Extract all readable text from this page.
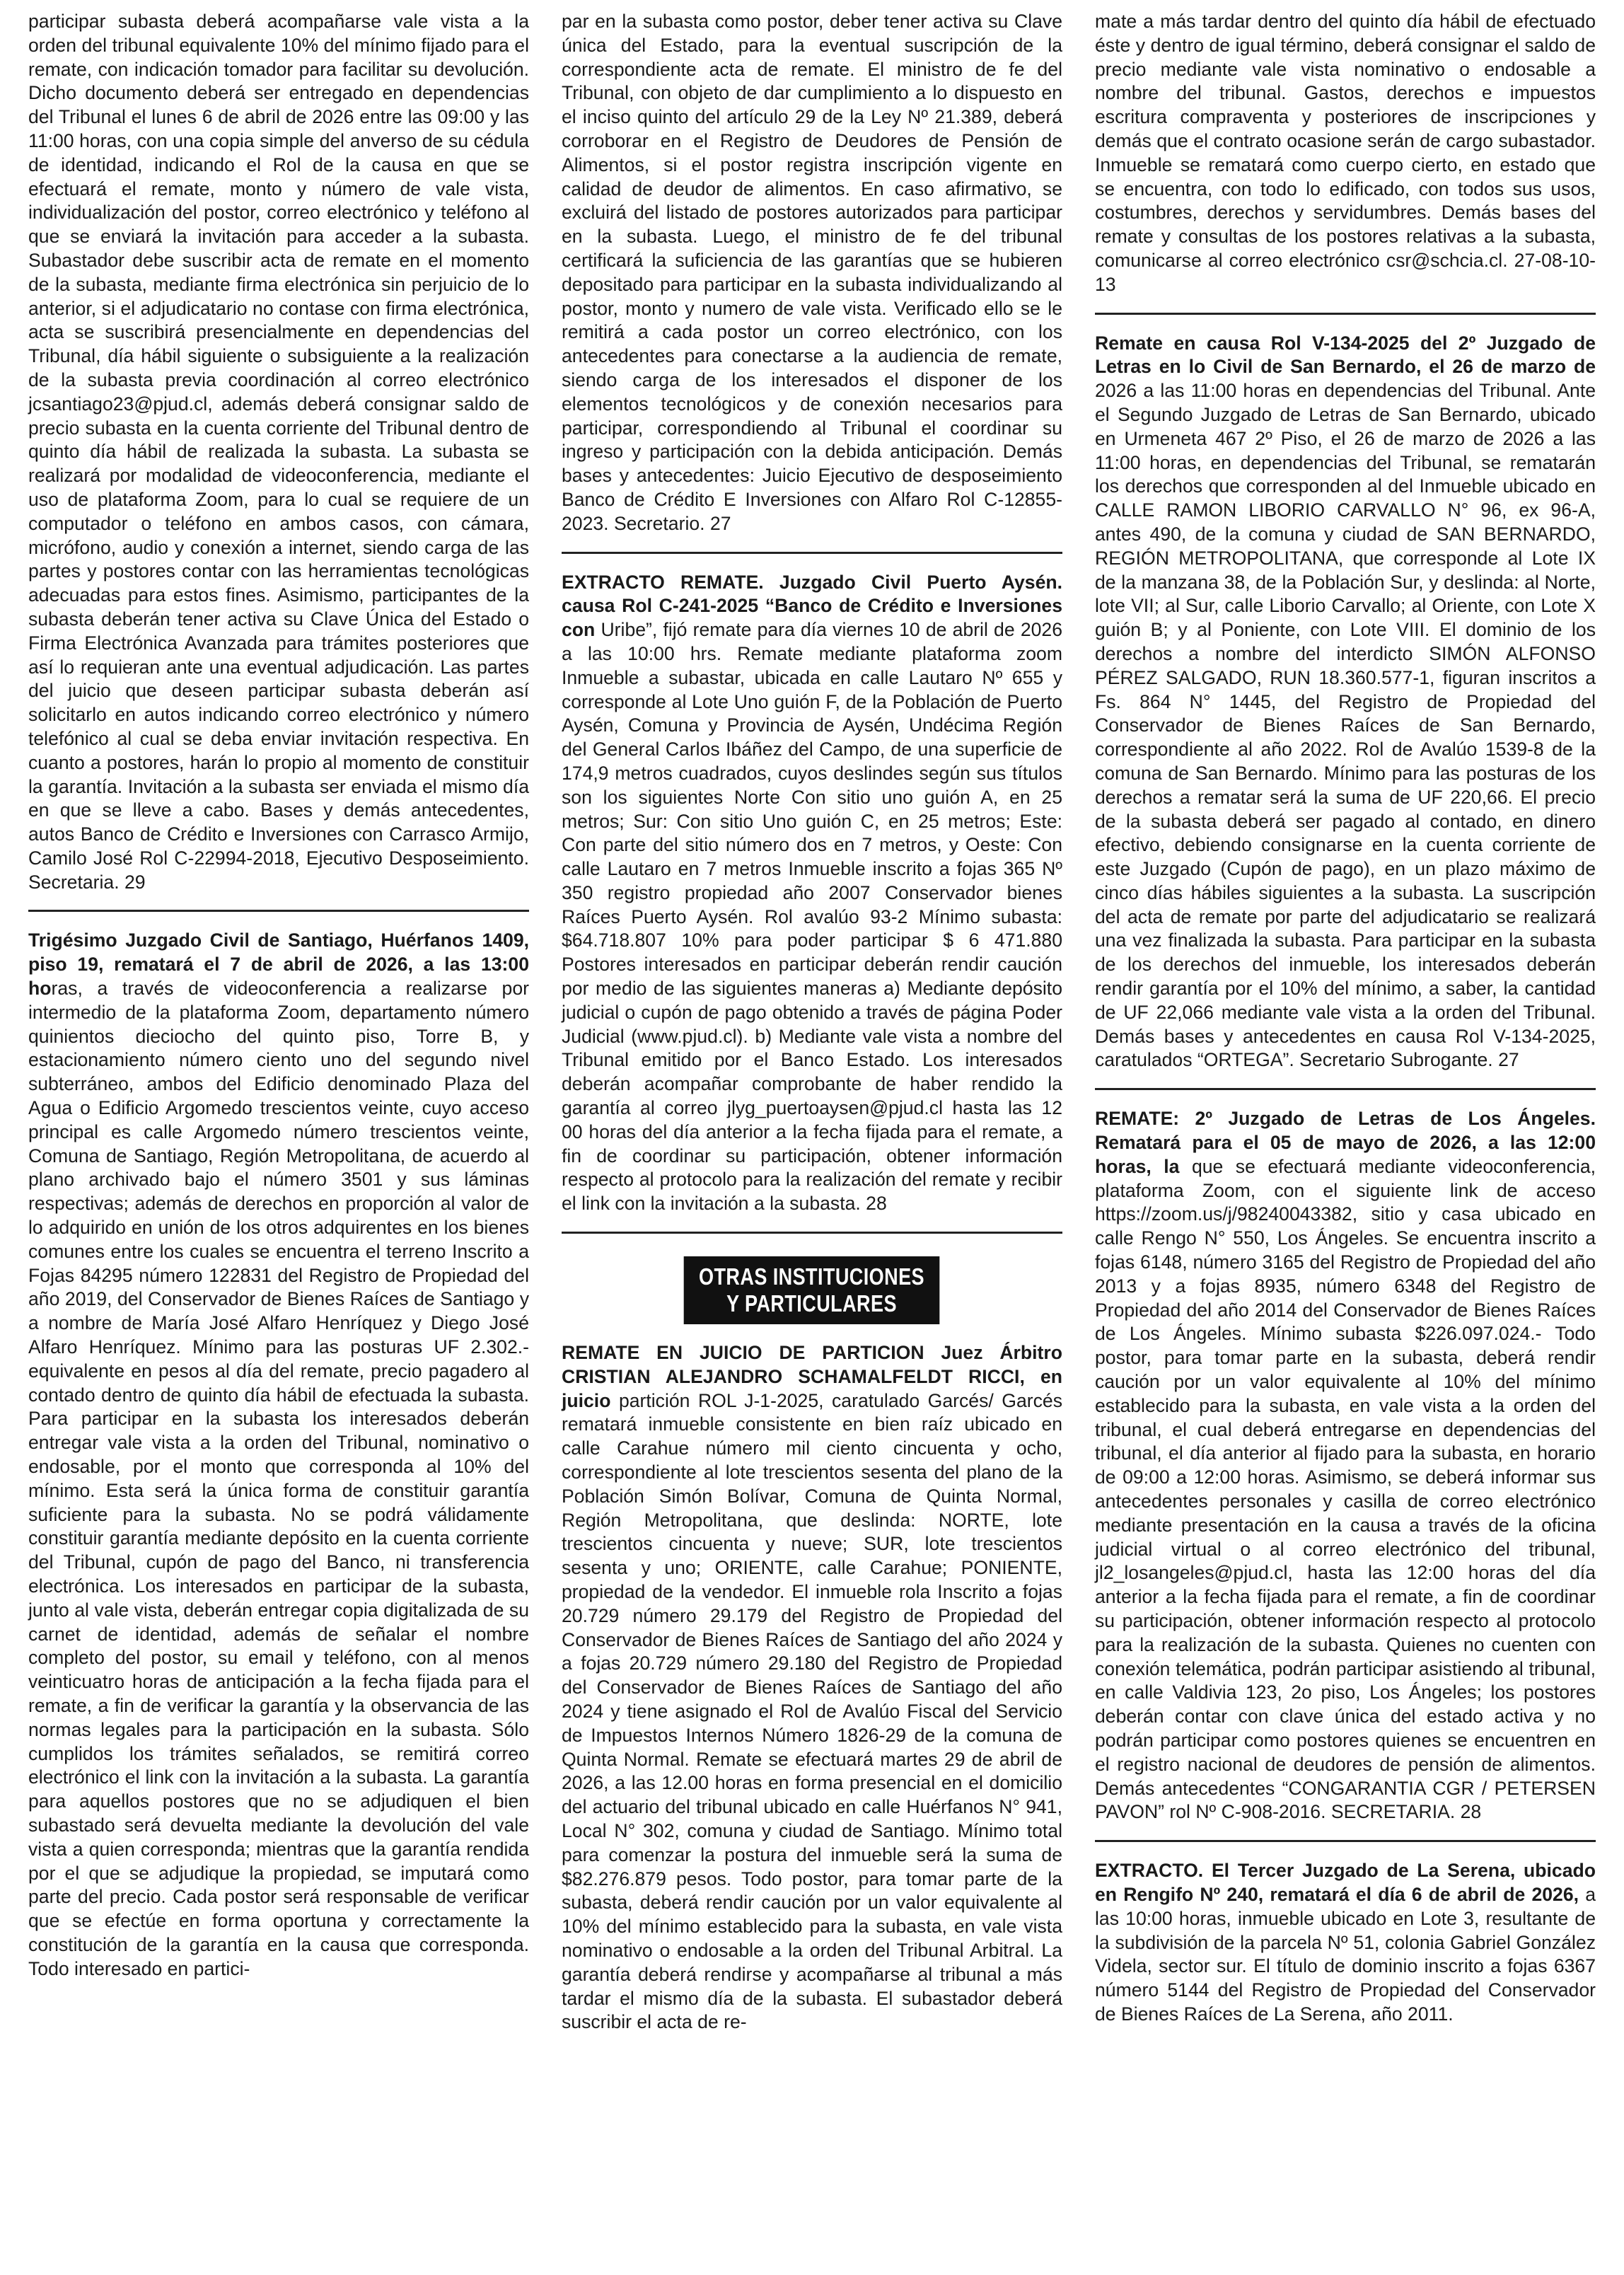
participar subasta deberá acompañarse vale vista a la orden del tribunal equivalente 10% del mínimo fijado para el remate, con indicación tomador para facilitar su devolución. Dicho documento deberá ser entregado en dependencias del Tribunal el lunes 6 de abril de 2026 entre las 09:00 y las 11:00 horas, con una copia simple del anverso de su cédula de identidad, indicando el Rol de la causa en que se efectuará el remate, monto y número de vale vista, individualización del postor, correo electrónico y teléfono al que se enviará la invitación para acceder a la subasta. Subastador debe suscribir acta de remate en el momento de la subasta, mediante firma electrónica sin perjuicio de lo anterior, si el adjudicatario no contase con firma electrónica, acta se suscribirá presencialmente en dependencias del Tribunal, día hábil siguiente o subsiguiente a la realización de la subasta previa coordinación al correo electrónico jcsantiago23@pjud.cl, además deberá consignar saldo de precio subasta en la cuenta corriente del Tribunal dentro de quinto día hábil de realizada la subasta. La subasta se realizará por modalidad de videoconferencia, mediante el uso de plataforma Zoom, para lo cual se requiere de un computador o teléfono en ambos casos, con cámara, micrófono, audio y conexión a internet, siendo carga de las partes y postores contar con las herramientas tecnológicas adecuadas para estos fines. Asimismo, participantes de la subasta deberán tener activa su Clave Única del Estado o Firma Electrónica Avanzada para trámites posteriores que así lo requieran ante una eventual adjudicación. Las partes del juicio que deseen participar subasta deberán así solicitarlo en autos indicando correo electrónico y número telefónico al cual se deba enviar invitación respectiva. En cuanto a postores, harán lo propio al momento de constituir la garantía. Invitación a la subasta ser enviada el mismo día en que se lleve a cabo. Bases y demás antecedentes, autos Banco de Crédito e Inversiones con Carrasco Armijo, Camilo José Rol C-22994-2018, Ejecutivo Desposeimiento. Secretaria. 29

Trigésimo Juzgado Civil de Santiago, Huérfanos 1409, piso 19, rematará el 7 de abril de 2026, a las 13:00 horas, a través de videoconferencia a realizarse por intermedio de la plataforma Zoom, departamento número quinientos dieciocho del quinto piso, Torre B, y estacionamiento número ciento uno del segundo nivel subterráneo, ambos del Edificio denominado Plaza del Agua o Edificio Argomedo trescientos veinte, cuyo acceso principal es calle Argomedo número trescientos veinte, Comuna de Santiago, Región Metropolitana, de acuerdo al plano archivado bajo el número 3501 y sus láminas respectivas; además de derechos en proporción al valor de lo adquirido en unión de los otros adquirentes en los bienes comunes entre los cuales se encuentra el terreno Inscrito a Fojas 84295 número 122831 del Registro de Propiedad del año 2019, del Conservador de Bienes Raíces de Santiago y a nombre de María José Alfaro Henríquez y Diego José Alfaro Henríquez. Mínimo para las posturas UF 2.302.- equivalente en pesos al día del remate, precio pagadero al contado dentro de quinto día hábil de efectuada la subasta. Para participar en la subasta los interesados deberán entregar vale vista a la orden del Tribunal, nominativo o endosable, por el monto que corresponda al 10% del mínimo. Esta será la única forma de constituir garantía suficiente para la subasta. No se podrá válidamente constituir garantía mediante depósito en la cuenta corriente del Tribunal, cupón de pago del Banco, ni transferencia electrónica. Los interesados en participar de la subasta, junto al vale vista, deberán entregar copia digitalizada de su carnet de identidad, además de señalar el nombre completo del postor, su email y teléfono, con al menos veinticuatro horas de anticipación a la fecha fijada para el remate, a fin de verificar la garantía y la observancia de las normas legales para la participación en la subasta. Sólo cumplidos los trámites señalados, se remitirá correo electrónico el link con la invitación a la subasta. La garantía para aquellos postores que no se adjudiquen el bien subastado será devuelta mediante la devolución del vale vista a quien corresponda; mientras que la garantía rendida por el que se adjudique la propiedad, se imputará como parte del precio. Cada postor será responsable de verificar que se efectúe en forma oportuna y correctamente la constitución de la garantía en la causa que corresponda. Todo interesado en partici-

par en la subasta como postor, deber tener activa su Clave única del Estado, para la eventual suscripción de la correspondiente acta de remate. El ministro de fe del Tribunal, con objeto de dar cumplimiento a lo dispuesto en el inciso quinto del artículo 29 de la Ley Nº 21.389, deberá corroborar en el Registro de Deudores de Pensión de Alimentos, si el postor registra inscripción vigente en calidad de deudor de alimentos. En caso afirmativo, se excluirá del listado de postores autorizados para participar en la subasta. Luego, el ministro de fe del tribunal certificará la suficiencia de las garantías que se hubieren depositado para participar en la subasta individualizando al postor, monto y numero de vale vista. Verificado ello se le remitirá a cada postor un correo electrónico, con los antecedentes para conectarse a la audiencia de remate, siendo carga de los interesados el disponer de los elementos tecnológicos y de conexión necesarios para participar, correspondiendo al Tribunal el coordinar su ingreso y participación con la debida anticipación. Demás bases y antecedentes: Juicio Ejecutivo de desposeimiento Banco de Crédito E Inversiones con Alfaro Rol C-12855-2023. Secretario. 27

EXTRACTO REMATE. Juzgado Civil Puerto Aysén. causa Rol C-241-2025 “Banco de Crédito e Inversiones con Uribe”, fijó remate para día viernes 10 de abril de 2026 a las 10:00 hrs. Remate mediante plataforma zoom Inmueble a subastar, ubicada en calle Lautaro Nº 655 y corresponde al Lote Uno guión F, de la Población de Puerto Aysén, Comuna y Provincia de Aysén, Undécima Región del General Carlos Ibáñez del Campo, de una superficie de 174,9 metros cuadrados, cuyos deslindes según sus títulos son los siguientes Norte Con sitio uno guión A, en 25 metros; Sur: Con sitio Uno guión C, en 25 metros; Este: Con parte del sitio número dos en 7 metros, y Oeste: Con calle Lautaro en 7 metros Inmueble inscrito a fojas 365 Nº 350 registro propiedad año 2007 Conservador bienes Raíces Puerto Aysén. Rol avalúo 93-2 Mínimo subasta: $64.718.807 10% para poder participar $ 6 471.880 Postores interesados en participar deberán rendir caución por medio de las siguientes maneras a) Mediante depósito judicial o cupón de pago obtenido a través de página Poder Judicial (www.pjud.cl). b) Mediante vale vista a nombre del Tribunal emitido por el Banco Estado. Los interesados deberán acompañar comprobante de haber rendido la garantía al correo jlyg_puertoaysen@pjud.cl hasta las 12 00 horas del día anterior a la fecha fijada para el remate, a fin de coordinar su participación, obtener información respecto al protocolo para la realización del remate y recibir el link con la invitación a la subasta. 28

OTRAS INSTITUCIONES
Y PARTICULARES

REMATE EN JUICIO DE PARTICION Juez Árbitro CRISTIAN ALEJANDRO SCHAMALFELDT RICCI, en juicio partición ROL J-1-2025, caratulado Garcés/ Garcés rematará inmueble consistente en bien raíz ubicado en calle Carahue número mil ciento cincuenta y ocho, correspondiente al lote trescientos sesenta del plano de la Población Simón Bolívar, Comuna de Quinta Normal, Región Metropolitana, que deslinda: NORTE, lote trescientos cincuenta y nueve; SUR, lote trescientos sesenta y uno; ORIENTE, calle Carahue; PONIENTE, propiedad de la vendedor. El inmueble rola Inscrito a fojas 20.729 número 29.179 del Registro de Propiedad del Conservador de Bienes Raíces de Santiago del año 2024 y a fojas 20.729 número 29.180 del Registro de Propiedad del Conservador de Bienes Raíces de Santiago del año 2024 y tiene asignado el Rol de Avalúo Fiscal del Servicio de Impuestos Internos Número 1826-29 de la comuna de Quinta Normal. Remate se efectuará martes 29 de abril de 2026, a las 12.00 horas en forma presencial en el domicilio del actuario del tribunal ubicado en calle Huérfanos N° 941, Local N° 302, comuna y ciudad de Santiago. Mínimo total para comenzar la postura del inmueble será la suma de $82.276.879 pesos. Todo postor, para tomar parte de la subasta, deberá rendir caución por un valor equivalente al 10% del mínimo establecido para la subasta, en vale vista nominativo o endosable a la orden del Tribunal Arbitral. La garantía deberá rendirse y acompañarse al tribunal a más tardar el mismo día de la subasta. El subastador deberá suscribir el acta de re-

mate a más tardar dentro del quinto día hábil de efectuado éste y dentro de igual término, deberá consignar el saldo de precio mediante vale vista nominativo o endosable a nombre del tribunal. Gastos, derechos e impuestos escritura compraventa y posteriores de inscripciones y demás que el contrato ocasione serán de cargo subastador. Inmueble se rematará como cuerpo cierto, en estado que se encuentra, con todo lo edificado, con todos sus usos, costumbres, derechos y servidumbres. Demás bases del remate y consultas de los postores relativas a la subasta, comunicarse al correo electrónico csr@schcia.cl. 27-08-10-13

Remate en causa Rol V-134-2025 del 2º Juzgado de Letras en lo Civil de San Bernardo, el 26 de marzo de 2026 a las 11:00 horas en dependencias del Tribunal. Ante el Segundo Juzgado de Letras de San Bernardo, ubicado en Urmeneta 467 2º Piso, el 26 de marzo de 2026 a las 11:00 horas, en dependencias del Tribunal, se rematarán los derechos que corresponden al del Inmueble ubicado en CALLE RAMON LIBORIO CARVALLO N° 96, ex 96-A, antes 490, de la comuna y ciudad de SAN BERNARDO, REGIÓN METROPOLITANA, que corresponde al Lote IX de la manzana 38, de la Población Sur, y deslinda: al Norte, lote VII; al Sur, calle Liborio Carvallo; al Oriente, con Lote X guión B; y al Poniente, con Lote VIII. El dominio de los derechos a nombre del interdicto SIMÓN ALFONSO PÉREZ SALGADO, RUN 18.360.577-1, figuran inscritos a Fs. 864 N° 1445, del Registro de Propiedad del Conservador de Bienes Raíces de San Bernardo, correspondiente al año 2022. Rol de Avalúo 1539-8 de la comuna de San Bernardo. Mínimo para las posturas de los derechos a rematar será la suma de UF 220,66. El precio de la subasta deberá ser pagado al contado, en dinero efectivo, debiendo consignarse en la cuenta corriente de este Juzgado (Cupón de pago), en un plazo máximo de cinco días hábiles siguientes a la subasta. La suscripción del acta de remate por parte del adjudicatario se realizará una vez finalizada la subasta. Para participar en la subasta de los derechos del inmueble, los interesados deberán rendir garantía por el 10% del mínimo, a saber, la cantidad de UF 22,066 mediante vale vista a la orden del Tribunal. Demás bases y antecedentes en causa Rol V-134-2025, caratulados “ORTEGA”. Secretario Subrogante. 27

REMATE: 2º Juzgado de Letras de Los Ángeles. Rematará para el 05 de mayo de 2026, a las 12:00 horas, la que se efectuará mediante videoconferencia, plataforma Zoom, con el siguiente link de acceso https://zoom.us/j/98240043382, sitio y casa ubicado en calle Rengo N° 550, Los Ángeles. Se encuentra inscrito a fojas 6148, número 3165 del Registro de Propiedad del año 2013 y a fojas 8935, número 6348 del Registro de Propiedad del año 2014 del Conservador de Bienes Raíces de Los Ángeles. Mínimo subasta $226.097.024.- Todo postor, para tomar parte en la subasta, deberá rendir caución por un valor equivalente al 10% del mínimo establecido para la subasta, en vale vista a la orden del tribunal, el cual deberá entregarse en dependencias del tribunal, el día anterior al fijado para la subasta, en horario de 09:00 a 12:00 horas. Asimismo, se deberá informar sus antecedentes personales y casilla de correo electrónico mediante presentación en la causa a través de la oficina judicial virtual o al correo electrónico del tribunal, jl2_losangeles@pjud.cl, hasta las 12:00 horas del día anterior a la fecha fijada para el remate, a fin de coordinar su participación, obtener información respecto al protocolo para la realización de la subasta. Quienes no cuenten con conexión telemática, podrán participar asistiendo al tribunal, en calle Valdivia 123, 2o piso, Los Ángeles; los postores deberán contar con clave única del estado activa y no podrán participar como postores quienes se encuentren en el registro nacional de deudores de pensión de alimentos. Demás antecedentes “CONGARANTIA CGR / PETERSEN PAVON” rol Nº C-908-2016. SECRETARIA. 28

EXTRACTO. El Tercer Juzgado de La Serena, ubicado en Rengifo Nº 240, rematará el día 6 de abril de 2026, a las 10:00 horas, inmueble ubicado en Lote 3, resultante de la subdivisión de la parcela Nº 51, colonia Gabriel González Videla, sector sur. El título de dominio inscrito a fojas 6367 número 5144 del Registro de Propiedad del Conservador de Bienes Raíces de La Serena, año 2011.
